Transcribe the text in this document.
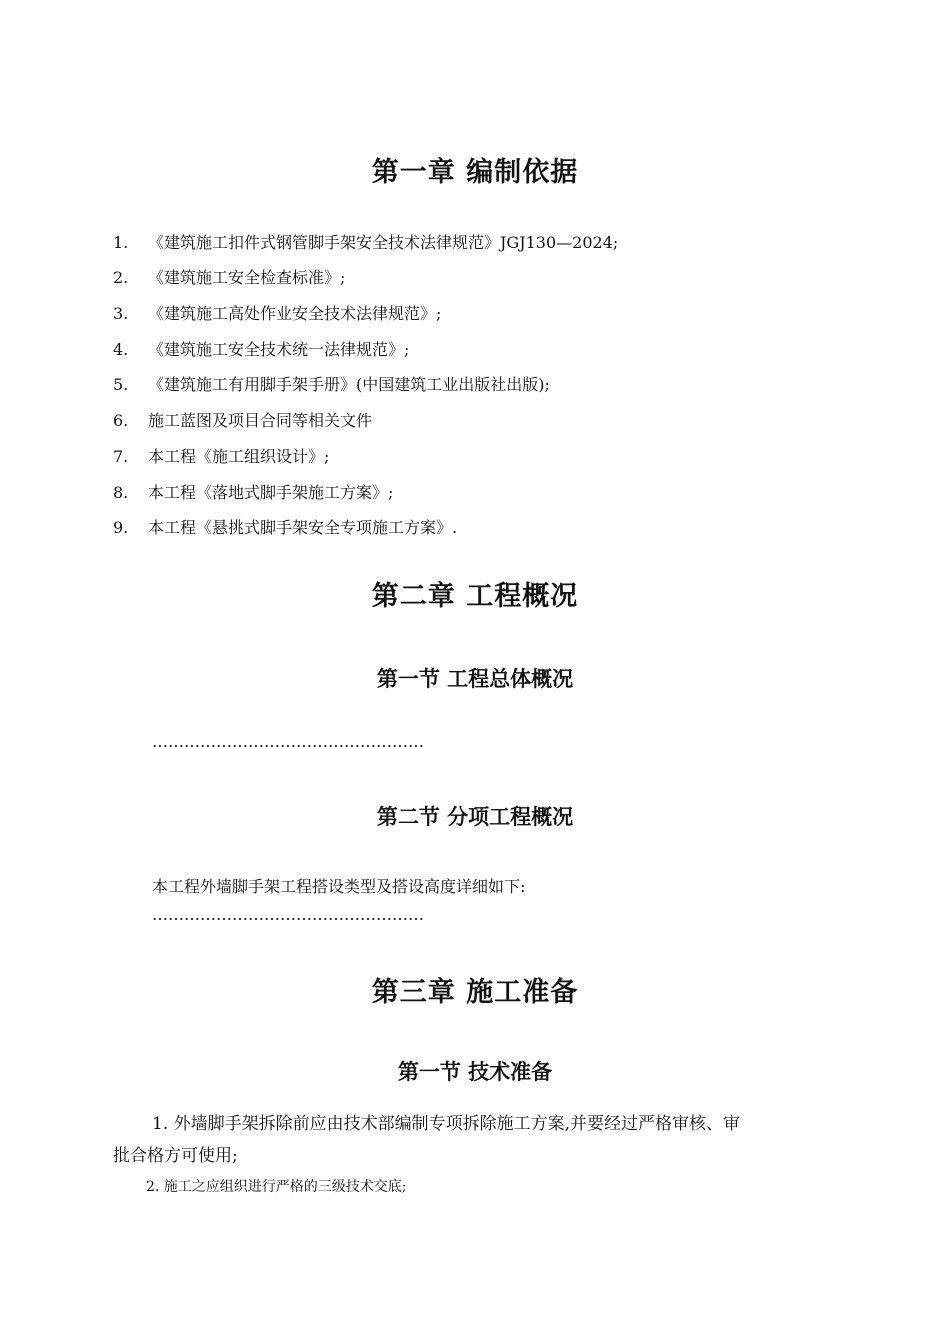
第一章 编制依据
1. 《建筑施工扣件式钢管脚手架安全技术法律规范》JGJ130—2024;
2. 《建筑施工安全检查标准》;
3. 《建筑施工高处作业安全技术法律规范》;
4. 《建筑施工安全技术统一法律规范》;
5. 《建筑施工有用脚手架手册》(中国建筑工业出版社出版);
6. 施工蓝图及项目合同等相关文件
7. 本工程《施工组织设计》;
8. 本工程《落地式脚手架施工方案》;
9. 本工程《悬挑式脚手架安全专项施工方案》.
第二章 工程概况
第一节 工程总体概况
……………………………………………
第二节 分项工程概况
本工程外墙脚手架工程搭设类型及搭设高度详细如下:
……………………………………………
第三章 施工准备
第一节 技术准备
1. 外墙脚手架拆除前应由技术部编制专项拆除施工方案,并要经过严格审核、审
批合格方可使用;
2. 施工之应组织进行严格的三级技术交底;
